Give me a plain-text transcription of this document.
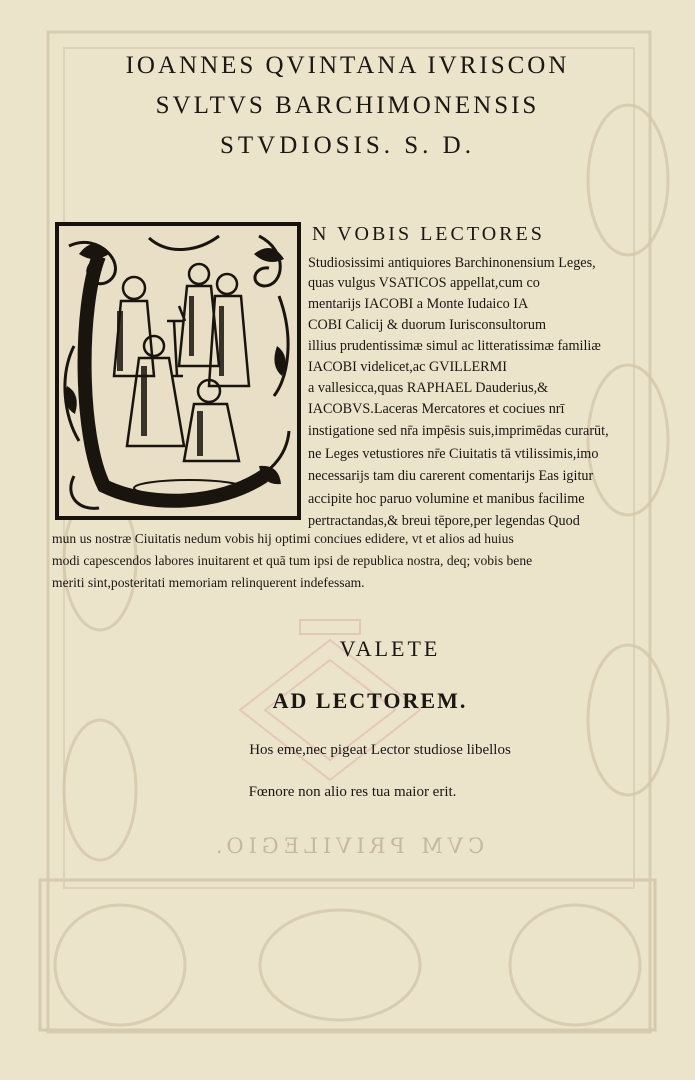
CVM PRIVILEGIO.
IOANNES QVINTANA IVRISCON
SVLTVS BARCHIMONENSIS
STVDIOSIS. S. D.
N VOBIS LECTORES
Studiosissimi antiquiores Barchinonensium Leges,
quas vulgus VSATICOS appellat,cum co
mentarijs IACOBI a Monte Iudaico IA
COBI Calicij & duorum Iurisconsultorum
illius prudentissimæ simul ac litteratissimæ familiæ
IACOBI videlicet,ac GVILLERMI
a vallesicca,quas RAPHAEL Dauderius,&
IACOBVS.Laceras Mercatores et cociues nrī
instigatione sed nr̄a impēsis suis,imprimēdas curarūt,
ne Leges vetustiores nr̄e Ciuitatis tā vtilissimis,imo
necessarijs tam diu carerent comentarijs Eas igitur
accipite hoc paruo volumine et manibus facilime
pertractandas,& breui tēpore,per legendas Quod
mun us nostræ Ciuitatis nedum vobis hij optimi conciues edidere, vt et alios ad huius
modi capescendos labores inuitarent et quā tum ipsi de republica nostra, deq; vobis bene
meriti sint,posteritati memoriam relinquerent indefessam.
VALETE
AD LECTOREM.
Hos eme,nec pigeat Lector studiose libellos
Fœnore non alio res tua maior erit.
